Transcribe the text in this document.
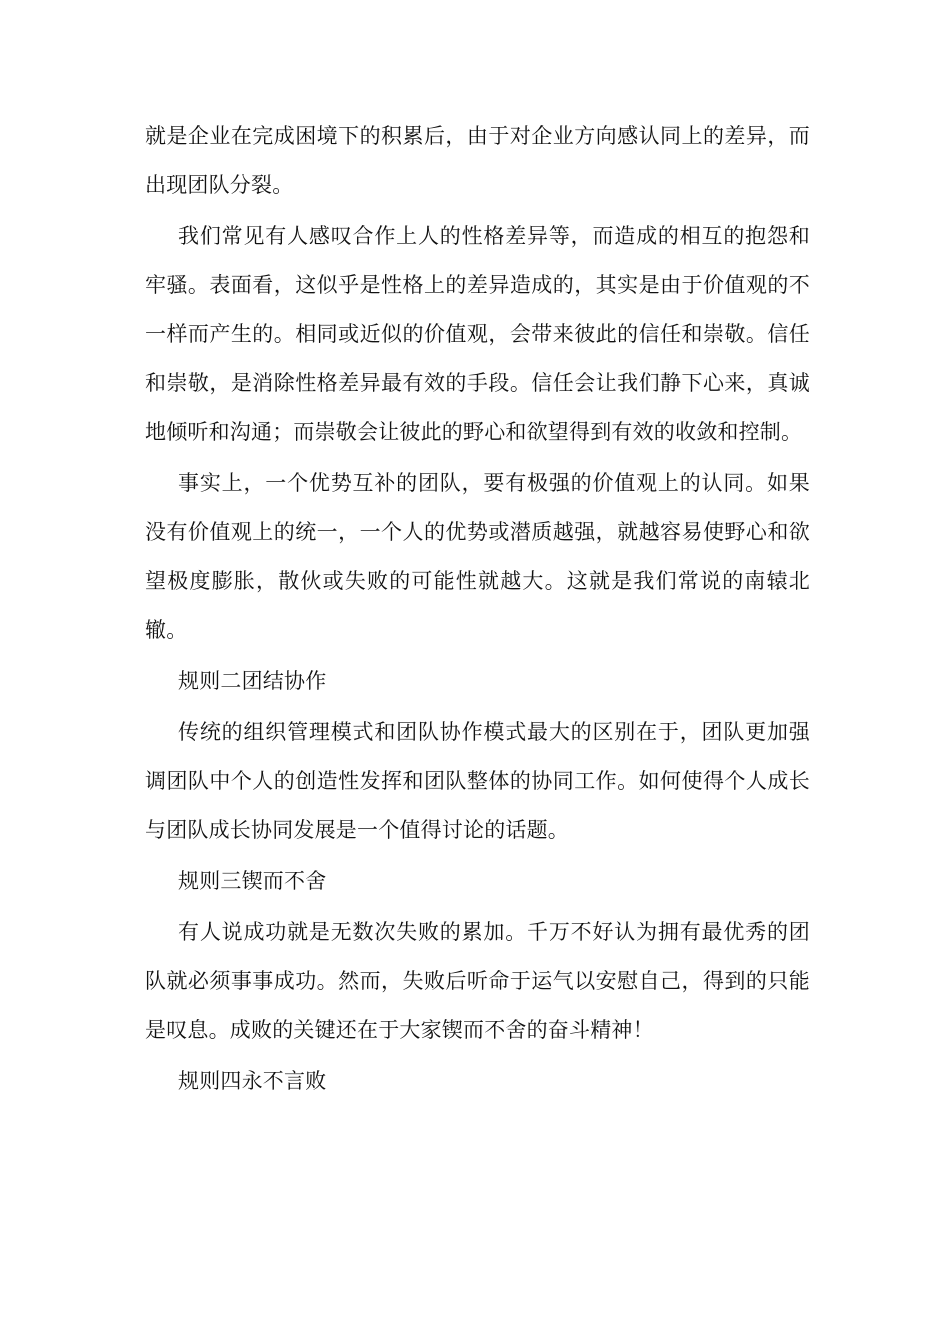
就是企业在完成困境下的积累后，由于对企业方向感认同上的差异，而出现团队分裂。

我们常见有人感叹合作上人的性格差异等，而造成的相互的抱怨和牢骚。表面看，这似乎是性格上的差异造成的，其实是由于价值观的不一样而产生的。相同或近似的价值观，会带来彼此的信任和崇敬。信任和崇敬，是消除性格差异最有效的手段。信任会让我们静下心来，真诚地倾听和沟通；而崇敬会让彼此的野心和欲望得到有效的收敛和控制。

事实上，一个优势互补的团队，要有极强的价值观上的认同。如果没有价值观上的统一，一个人的优势或潜质越强，就越容易使野心和欲望极度膨胀，散伙或失败的可能性就越大。这就是我们常说的南辕北辙。

规则二团结协作

传统的组织管理模式和团队协作模式最大的区别在于，团队更加强调团队中个人的创造性发挥和团队整体的协同工作。如何使得个人成长与团队成长协同发展是一个值得讨论的话题。

规则三锲而不舍

有人说成功就是无数次失败的累加。千万不好认为拥有最优秀的团队就必须事事成功。然而，失败后听命于运气以安慰自己，得到的只能是叹息。成败的关键还在于大家锲而不舍的奋斗精神！

规则四永不言败
